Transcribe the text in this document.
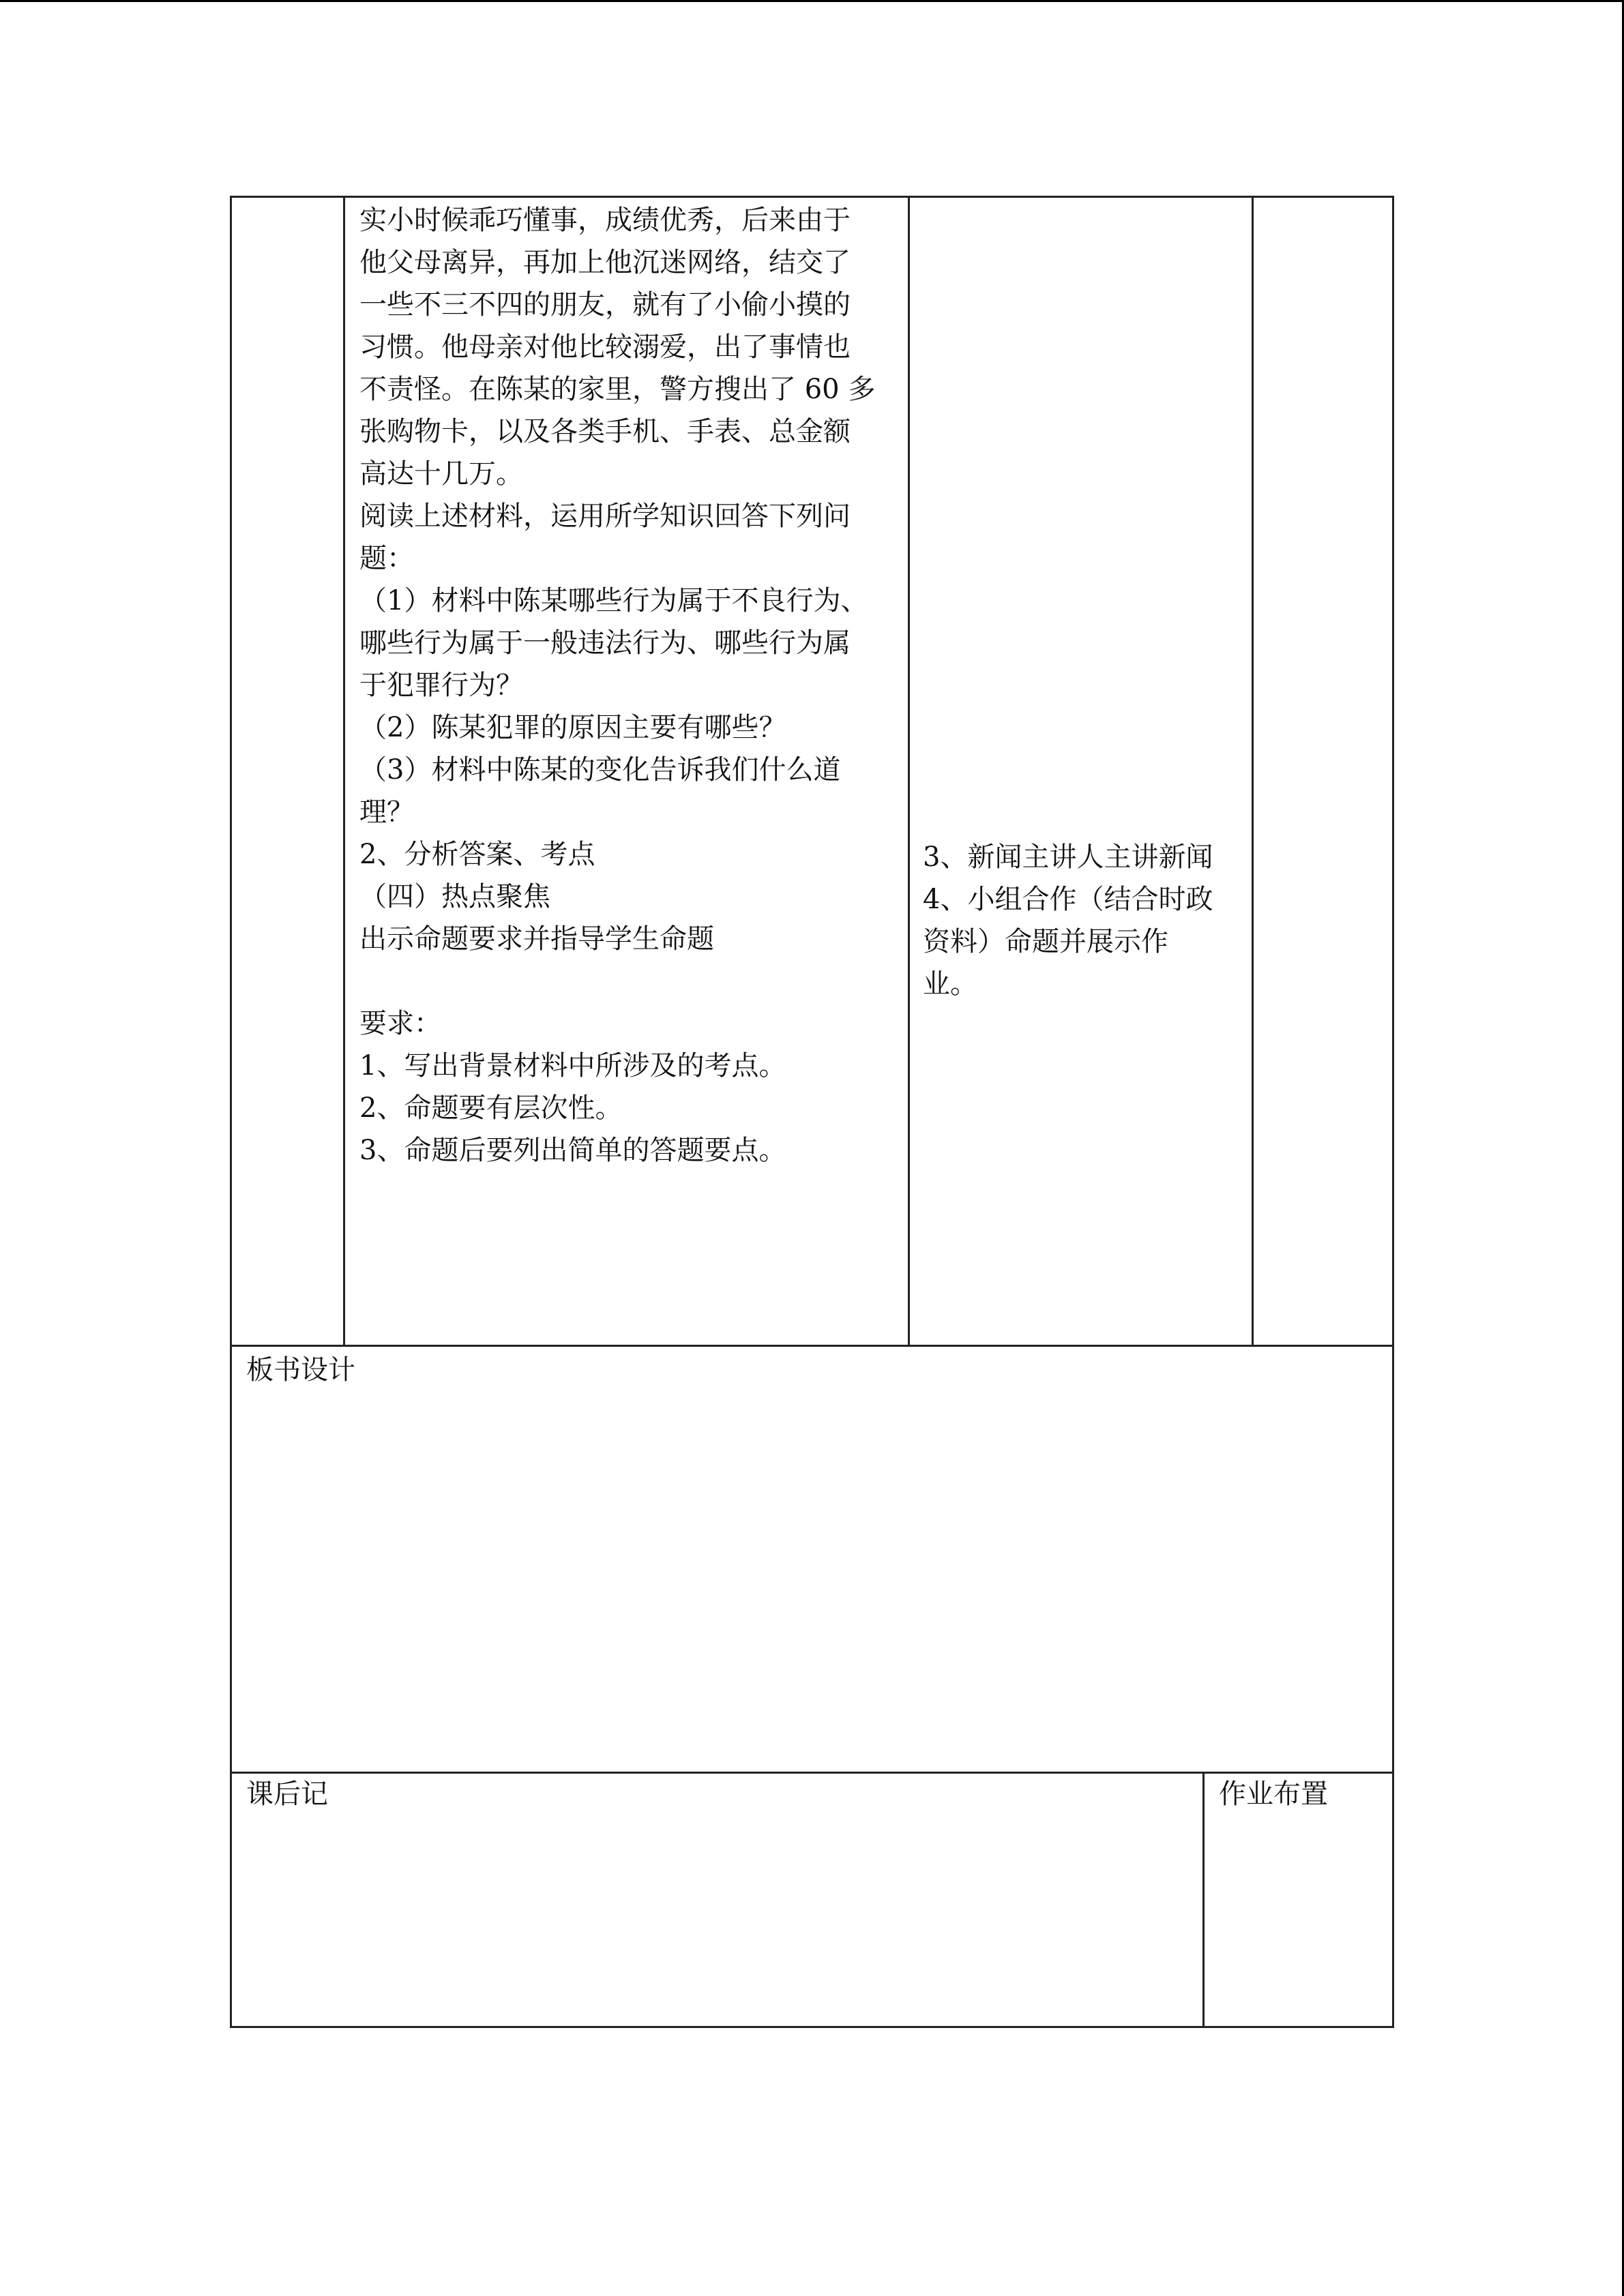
实小时候乖巧懂事，成绩优秀，后来由于
他父母离异，再加上他沉迷网络，结交了
一些不三不四的朋友，就有了小偷小摸的
习惯。他母亲对他比较溺爱，出了事情也
不责怪。在陈某的家里，警方搜出了 60 多
张购物卡，以及各类手机、手表、总金额
高达十几万。
阅读上述材料，运用所学知识回答下列问
题：
（1）材料中陈某哪些行为属于不良行为、
哪些行为属于一般违法行为、哪些行为属
于犯罪行为？
（2）陈某犯罪的原因主要有哪些？
（3）材料中陈某的变化告诉我们什么道
理？
2、分析答案、考点
（四）热点聚焦
出示命题要求并指导学生命题
要求：
1、写出背景材料中所涉及的考点。
2、命题要有层次性。
3、命题后要列出简单的答题要点。
3、新闻主讲人主讲新闻
4、小组合作（结合时政
资料）命题并展示作
业。
板书设计
课后记	作业布置
